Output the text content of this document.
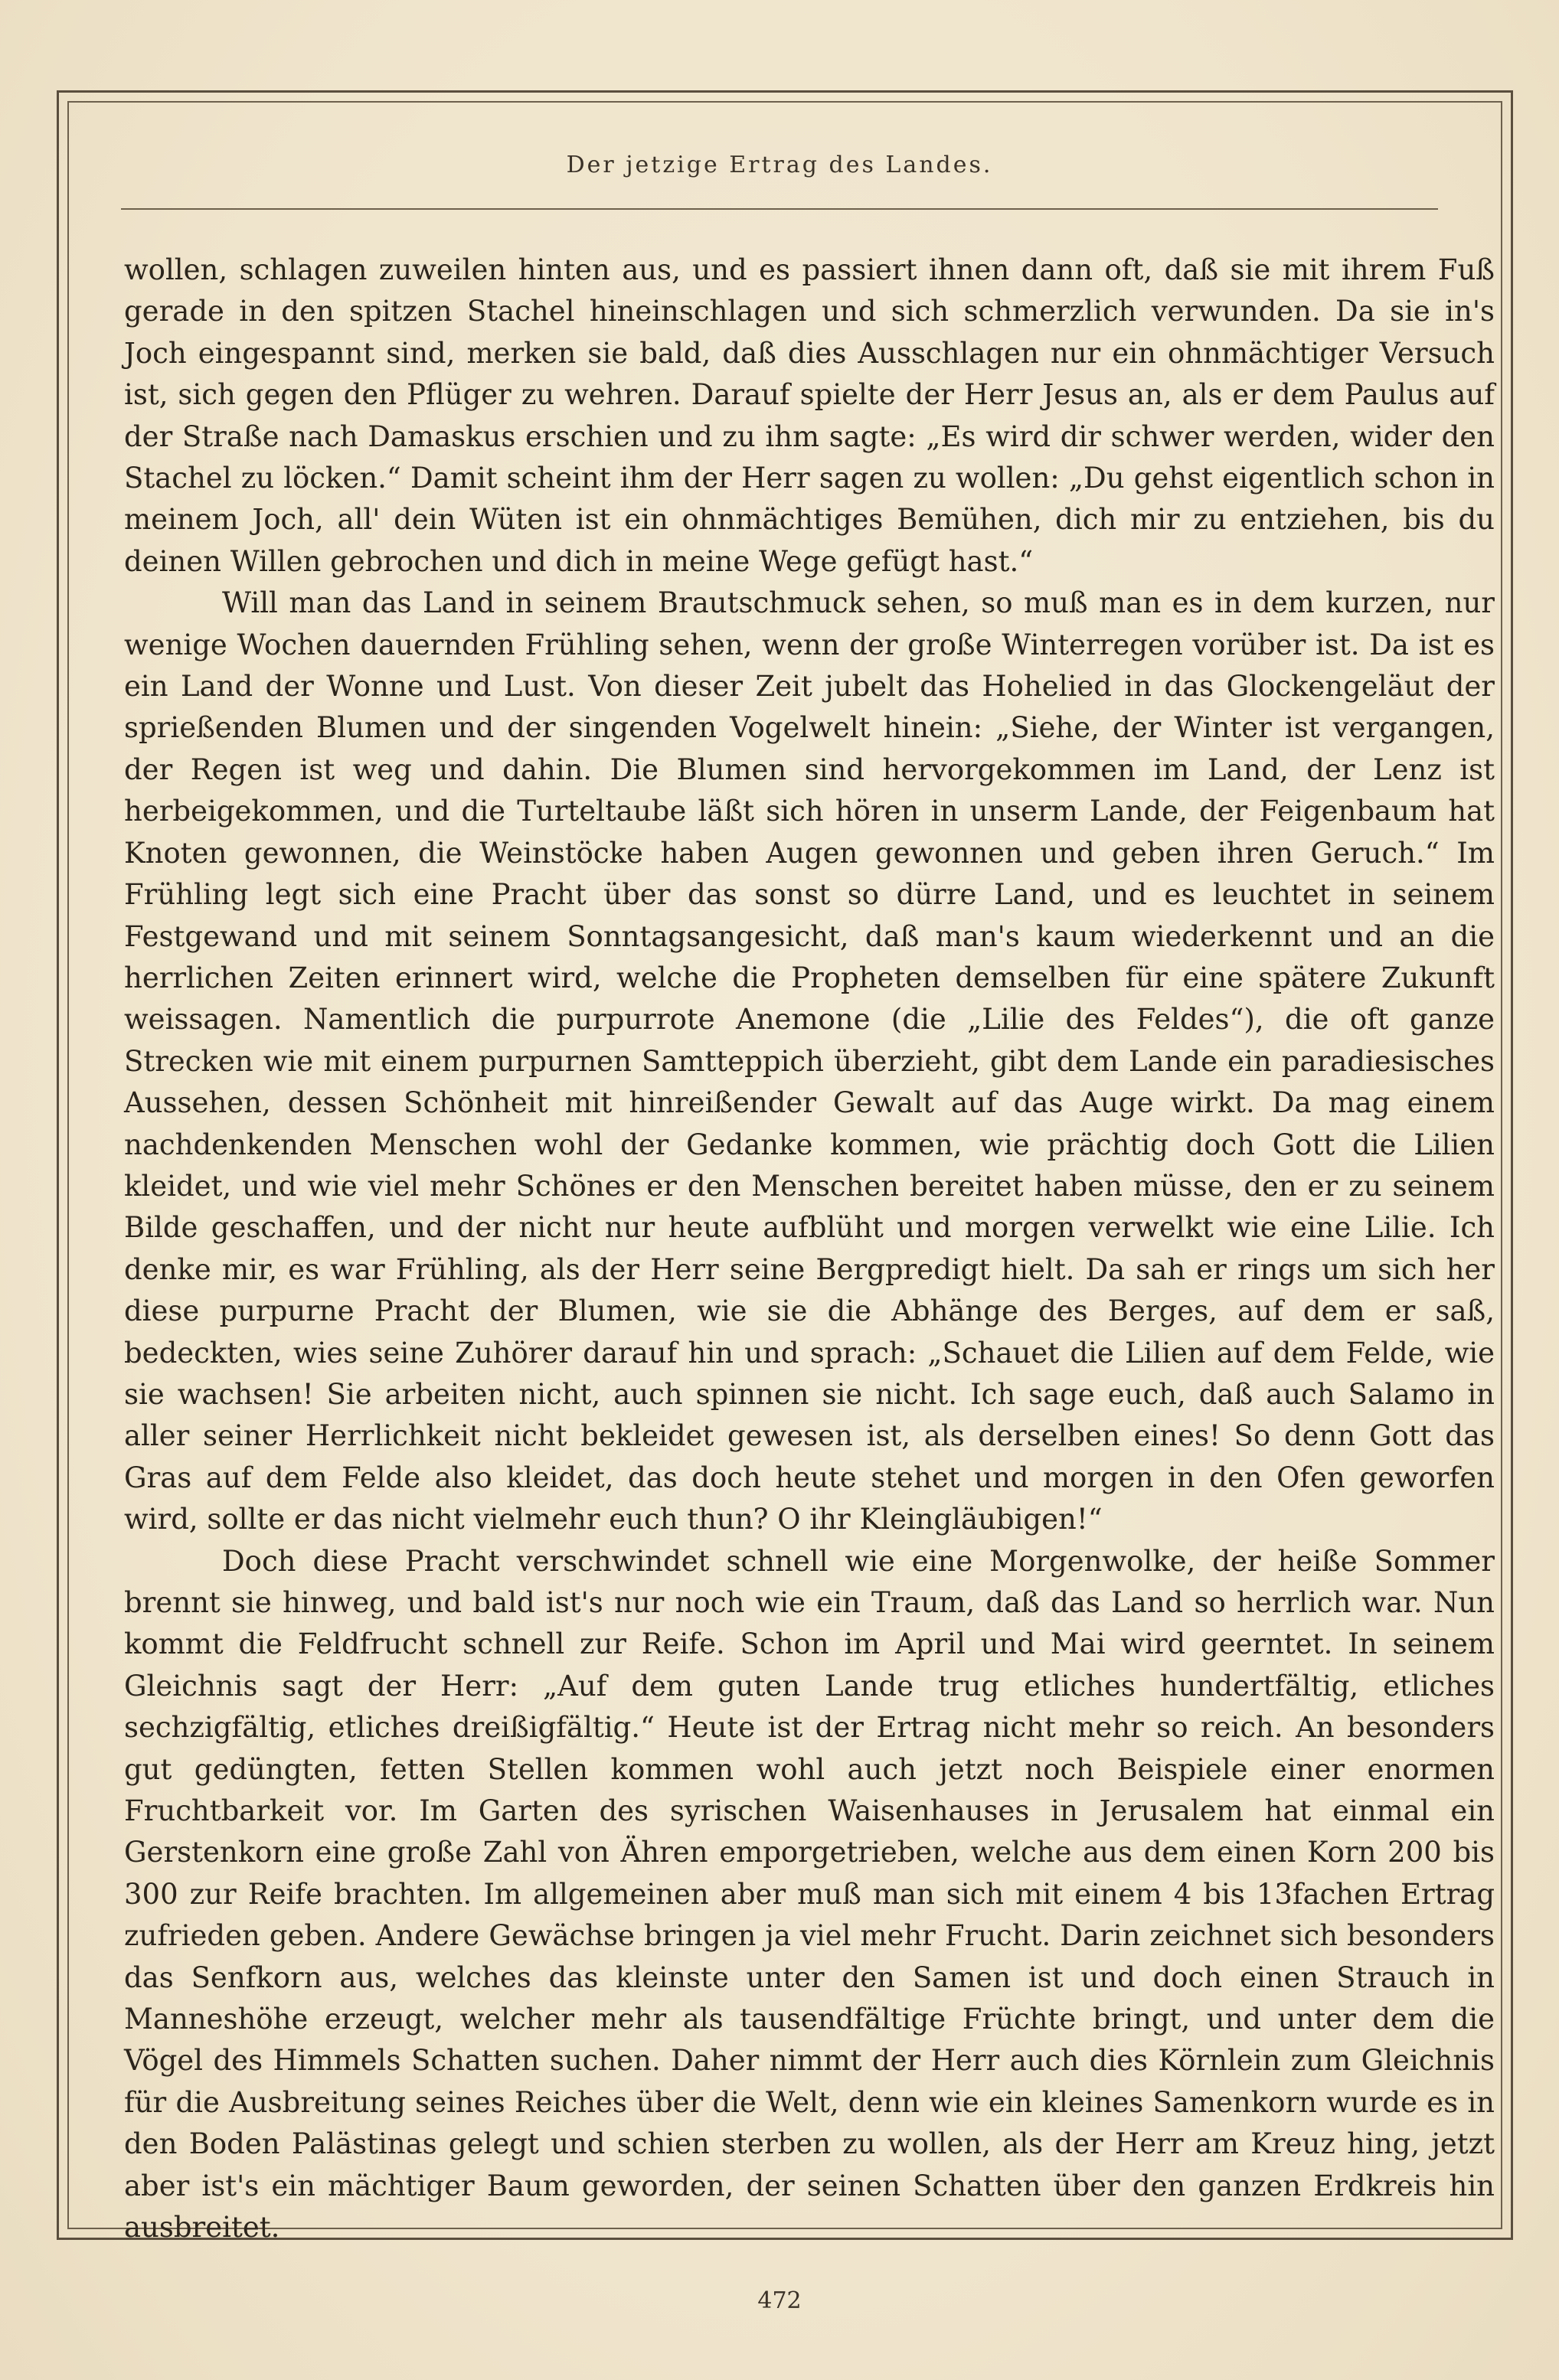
Der jetzige Ertrag des Landes.

wollen, schlagen zuweilen hinten aus, und es passiert ihnen dann oft, daß sie mit ihrem Fuß gerade in den spitzen Stachel hineinschlagen und sich schmerzlich verwunden. Da sie in's Joch eingespannt sind, merken sie bald, daß dies Ausschlagen nur ein ohnmächtiger Versuch ist, sich gegen den Pflüger zu wehren. Darauf spielte der Herr Jesus an, als er dem Paulus auf der Straße nach Damaskus erschien und zu ihm sagte: „Es wird dir schwer werden, wider den Stachel zu löcken.“ Damit scheint ihm der Herr sagen zu wollen: „Du gehst eigentlich schon in meinem Joch, all' dein Wüten ist ein ohnmächtiges Bemühen, dich mir zu entziehen, bis du deinen Willen gebrochen und dich in meine Wege gefügt hast.“

Will man das Land in seinem Brautschmuck sehen, so muß man es in dem kurzen, nur wenige Wochen dauernden Frühling sehen, wenn der große Winterregen vorüber ist. Da ist es ein Land der Wonne und Lust. Von dieser Zeit jubelt das Hohelied in das Glockengeläut der sprießenden Blumen und der singenden Vogelwelt hinein: „Siehe, der Winter ist vergangen, der Regen ist weg und dahin. Die Blumen sind hervorgekommen im Land, der Lenz ist herbeigekommen, und die Turteltaube läßt sich hören in unserm Lande, der Feigenbaum hat Knoten gewonnen, die Weinstöcke haben Augen gewonnen und geben ihren Geruch.“ Im Frühling legt sich eine Pracht über das sonst so dürre Land, und es leuchtet in seinem Festgewand und mit seinem Sonntagsangesicht, daß man's kaum wiederkennt und an die herrlichen Zeiten erinnert wird, welche die Propheten demselben für eine spätere Zukunft weissagen. Namentlich die purpurrote Anemone (die „Lilie des Feldes“), die oft ganze Strecken wie mit einem purpurnen Samtteppich überzieht, gibt dem Lande ein paradiesisches Aussehen, dessen Schönheit mit hinreißender Gewalt auf das Auge wirkt. Da mag einem nachdenkenden Menschen wohl der Gedanke kommen, wie prächtig doch Gott die Lilien kleidet, und wie viel mehr Schönes er den Menschen bereitet haben müsse, den er zu seinem Bilde geschaffen, und der nicht nur heute aufblüht und morgen verwelkt wie eine Lilie. Ich denke mir, es war Frühling, als der Herr seine Bergpredigt hielt. Da sah er rings um sich her diese purpurne Pracht der Blumen, wie sie die Abhänge des Berges, auf dem er saß, bedeckten, wies seine Zuhörer darauf hin und sprach: „Schauet die Lilien auf dem Felde, wie sie wachsen! Sie arbeiten nicht, auch spinnen sie nicht. Ich sage euch, daß auch Salamo in aller seiner Herrlichkeit nicht bekleidet gewesen ist, als derselben eines! So denn Gott das Gras auf dem Felde also kleidet, das doch heute stehet und morgen in den Ofen geworfen wird, sollte er das nicht vielmehr euch thun? O ihr Kleingläubigen!“

Doch diese Pracht verschwindet schnell wie eine Morgenwolke, der heiße Sommer brennt sie hinweg, und bald ist's nur noch wie ein Traum, daß das Land so herrlich war. Nun kommt die Feldfrucht schnell zur Reife. Schon im April und Mai wird geerntet. In seinem Gleichnis sagt der Herr: „Auf dem guten Lande trug etliches hundertfältig, etliches sechzigfältig, etliches dreißigfältig.“ Heute ist der Ertrag nicht mehr so reich. An besonders gut gedüngten, fetten Stellen kommen wohl auch jetzt noch Beispiele einer enormen Fruchtbarkeit vor. Im Garten des syrischen Waisenhauses in Jerusalem hat einmal ein Gerstenkorn eine große Zahl von Ähren emporgetrieben, welche aus dem einen Korn 200 bis 300 zur Reife brachten. Im allgemeinen aber muß man sich mit einem 4 bis 13fachen Ertrag zufrieden geben. Andere Gewächse bringen ja viel mehr Frucht. Darin zeichnet sich besonders das Senfkorn aus, welches das kleinste unter den Samen ist und doch einen Strauch in Manneshöhe erzeugt, welcher mehr als tausendfältige Früchte bringt, und unter dem die Vögel des Himmels Schatten suchen. Daher nimmt der Herr auch dies Körnlein zum Gleichnis für die Ausbreitung seines Reiches über die Welt, denn wie ein kleines Samenkorn wurde es in den Boden Palästinas gelegt und schien sterben zu wollen, als der Herr am Kreuz hing, jetzt aber ist's ein mächtiger Baum geworden, der seinen Schatten über den ganzen Erdkreis hin ausbreitet.

472
